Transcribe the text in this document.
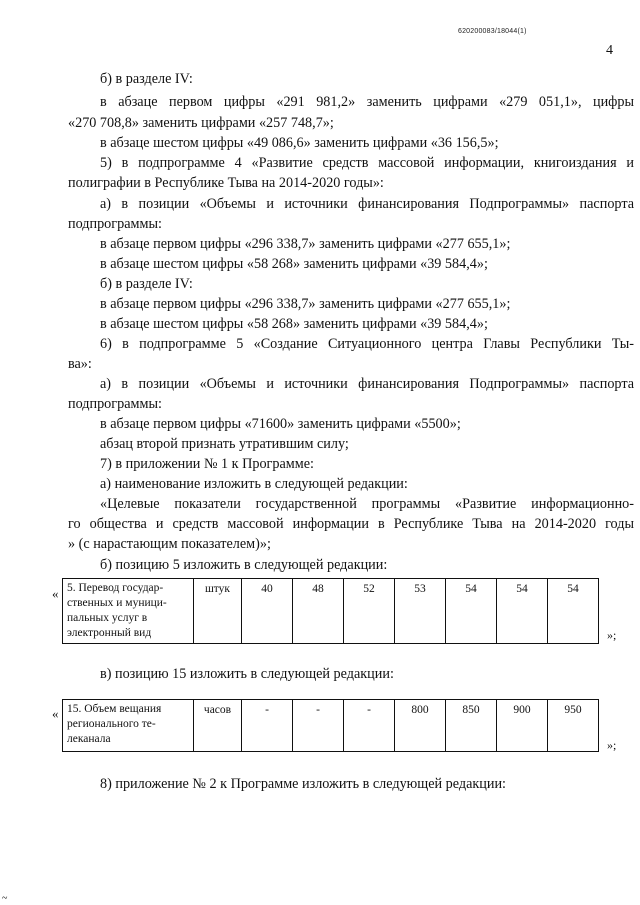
620200083/18044(1)
4
б) в разделе IV:
в абзаце первом цифры «291 981,2» заменить цифрами «279 051,1», цифры
«270 708,8» заменить цифрами «257 748,7»;
в абзаце шестом цифры «49 086,6» заменить цифрами «36 156,5»;
5) в подпрограмме 4 «Развитие средств массовой информации, книгоиздания и
полиграфии в Республике Тыва на 2014-2020 годы»:
а) в позиции «Объемы и источники финансирования Подпрограммы» паспорта
подпрограммы:
в абзаце первом цифры «296 338,7» заменить цифрами «277 655,1»;
в абзаце шестом цифры «58 268» заменить цифрами «39 584,4»;
б) в разделе IV:
в абзаце первом цифры «296 338,7» заменить цифрами «277 655,1»;
в абзаце шестом цифры «58 268» заменить цифрами «39 584,4»;
6) в подпрограмме 5 «Создание Ситуационного центра Главы Республики Ты-
ва»:
а) в позиции «Объемы и источники финансирования Подпрограммы» паспорта
подпрограммы:
в абзаце первом цифры «71600» заменить цифрами «5500»;
абзац второй признать утратившим силу;
7) в приложении № 1 к Программе:
а) наименование изложить в следующей редакции:
«Целевые показатели государственной программы «Развитие информационно-
го общества и средств массовой информации в Республике Тыва на 2014-2020 годы
» (с нарастающим показателем)»;
б) позицию 5 изложить в следующей редакции:
« 5. Перевод государ-
ственных и муници-
пальных услуг в
электронный вид
	штук	40	48	52	53	54	54	54
»;
в) позицию 15 изложить в следующей редакции:
« 15. Объем вещания
регионального те-
леканала
	часов	-	-	-	800	850	900	950
»;
8) приложение № 2 к Программе изложить в следующей редакции:
~
